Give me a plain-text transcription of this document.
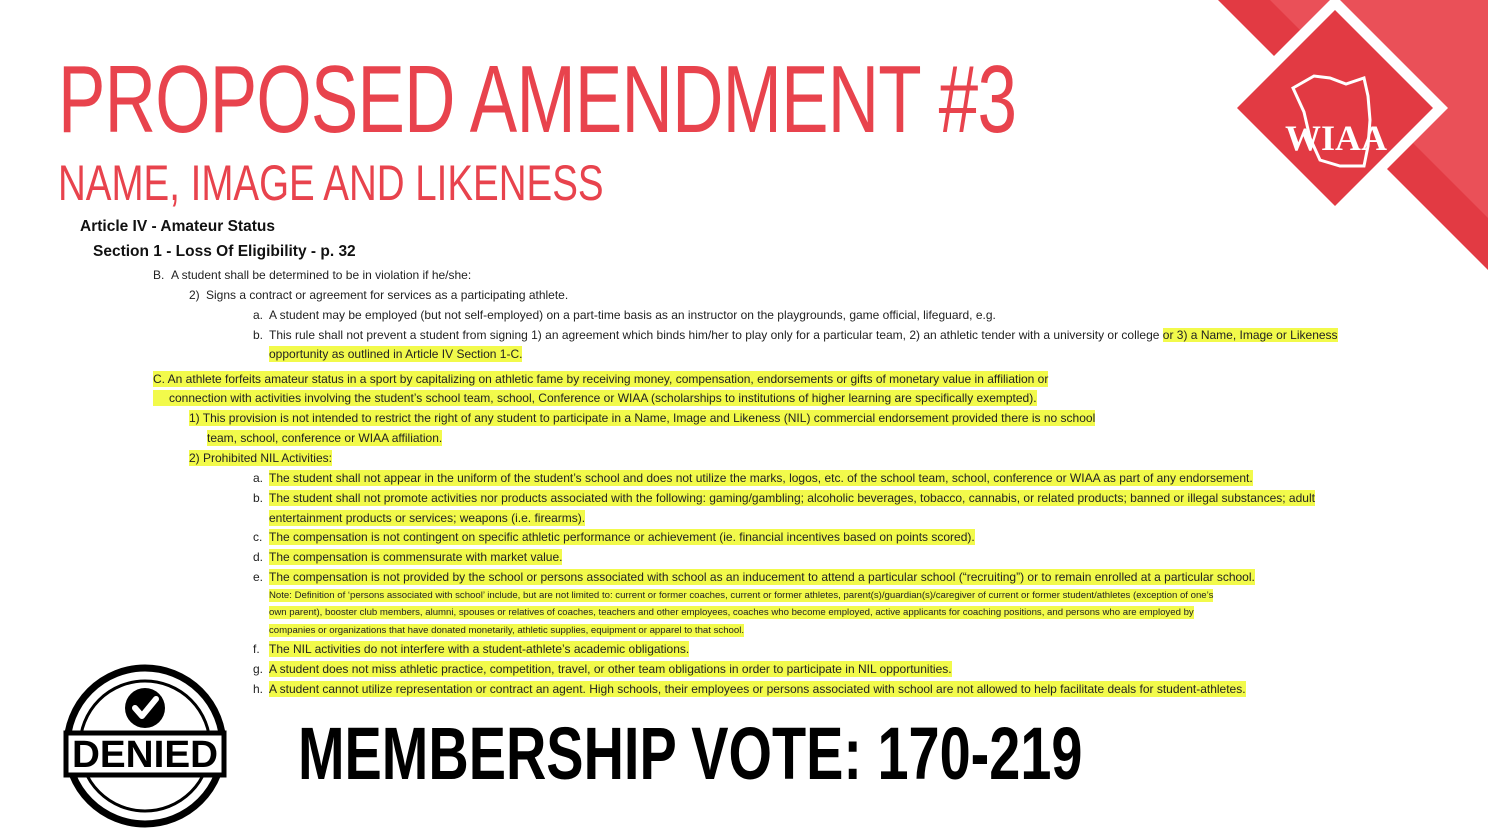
WIAA
PROPOSED AMENDMENT #3
NAME, IMAGE AND LIKENESS
Article IV - Amateur Status
Section 1 - Loss Of Eligibility - p. 32
B. A student shall be determined to be in violation if he/she:
2) Signs a contract or agreement for services as a participating athlete.
a. A student may be employed (but not self-employed) on a part-time basis as an instructor on the playgrounds, game official, lifeguard, e.g.
b. This rule shall not prevent a student from signing 1) an agreement which binds him/her to play only for a particular team, 2) an athletic tender with a university or college or 3) a Name, Image or Likeness
opportunity as outlined in Article IV Section 1-C.
C. An athlete forfeits amateur status in a sport by capitalizing on athletic fame by receiving money, compensation, endorsements or gifts of monetary value in affiliation or
connection with activities involving the student’s school team, school, Conference or WIAA (scholarships to institutions of higher learning are specifically exempted).
1) This provision is not intended to restrict the right of any student to participate in a Name, Image and Likeness (NIL) commercial endorsement provided there is no school
team, school, conference or WIAA affiliation.
2) Prohibited NIL Activities:
a. The student shall not appear in the uniform of the student’s school and does not utilize the marks, logos, etc. of the school team, school, conference or WIAA as part of any endorsement.
b. The student shall not promote activities nor products associated with the following: gaming/gambling; alcoholic beverages, tobacco, cannabis, or related products; banned or illegal substances; adult
entertainment products or services; weapons (i.e. firearms).
c. The compensation is not contingent on specific athletic performance or achievement (ie. financial incentives based on points scored).
d. The compensation is commensurate with market value.
e. The compensation is not provided by the school or persons associated with school as an inducement to attend a particular school (“recruiting”) or to remain enrolled at a particular school.
Note: Definition of ‘persons associated with school’ include, but are not limited to: current or former coaches, current or former athletes, parent(s)/guardian(s)/caregiver of current or former student/athletes (exception of one’s
own parent), booster club members, alumni, spouses or relatives of coaches, teachers and other employees, coaches who become employed, active applicants for coaching positions, and persons who are employed by
companies or organizations that have donated monetarily, athletic supplies, equipment or apparel to that school.
f. The NIL activities do not interfere with a student-athlete’s academic obligations.
g. A student does not miss athletic practice, competition, travel, or other team obligations in order to participate in NIL opportunities.
h. A student cannot utilize representation or contract an agent. High schools, their employees or persons associated with school are not allowed to help facilitate deals for student-athletes.
DENIED MEMBERSHIP VOTE: 170-219
